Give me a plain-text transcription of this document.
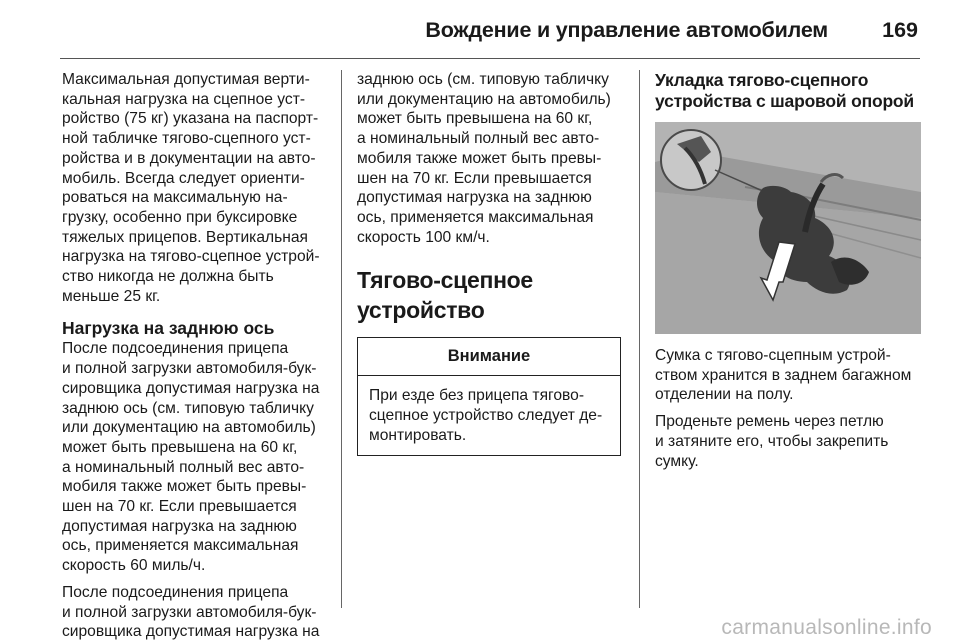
Вождение и управление автомобилем	169
Максимальная допустимая верти-
кальная нагрузка на сцепное уст-
ройство (75 кг) указана на паспорт-
ной табличке тягово-сцепного уст-
ройства и в документации на авто-
мобиль. Всегда следует ориенти-
роваться на максимальную на-
грузку, особенно при буксировке
тяжелых прицепов. Вертикальная
нагрузка на тягово-сцепное устрой-
ство никогда не должна быть
меньше 25 кг.
Нагрузка на заднюю ось
После подсоединения прицепа
и полной загрузки автомобиля-бук-
сировщика допустимая нагрузка на
заднюю ось (см. типовую табличку
или документацию на автомобиль)
может быть превышена на 60 кг,
а номинальный полный вес авто-
мобиля также может быть превы-
шен на 70 кг. Если превышается
допустимая нагрузка на заднюю
ось, применяется максимальная
скорость 60 миль/ч.
После подсоединения прицепа
и полной загрузки автомобиля-бук-
сировщика допустимая нагрузка на
заднюю ось (см. типовую табличку
или документацию на автомобиль)
может быть превышена на 60 кг,
а номинальный полный вес авто-
мобиля также может быть превы-
шен на 70 кг. Если превышается
допустимая нагрузка на заднюю
ось, применяется максимальная
скорость 100 км/ч.
Тягово-сцепное
устройство
Внимание
При езде без прицепа тягово-
сцепное устройство следует де-
монтировать.
Укладка тягово-сцепного
устройства с шаровой опорой
Сумка с тягово-сцепным устрой-
ством хранится в заднем багажном
отделении на полу.
Проденьте ремень через петлю
и затяните его, чтобы закрепить
сумку.
carmanualsonline.info
